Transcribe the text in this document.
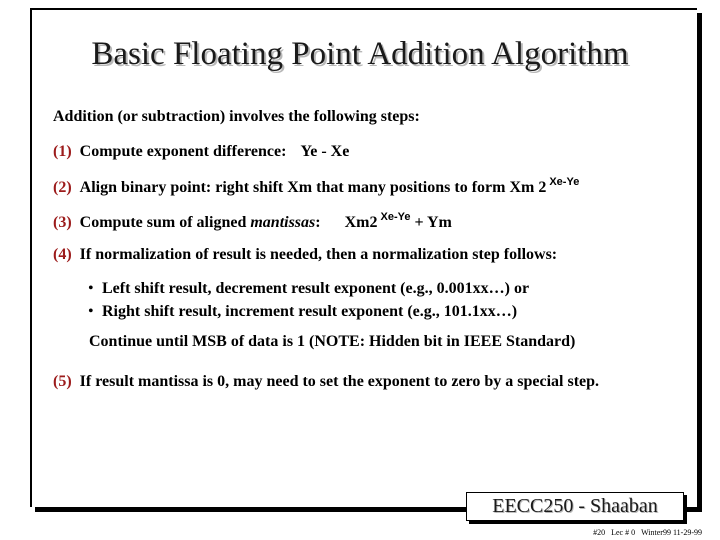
Basic Floating Point Addition Algorithm
Addition (or subtraction) involves the following steps:
(1) Compute exponent difference: Ye - Xe
(2) Align binary point: right shift Xm that many positions to form Xm 2 $^{Xe-Ye}$
(3) Compute sum of aligned mantissas: Xm2 $^{Xe-Ye}$ + Ym
(4) If normalization of result is needed, then a normalization step follows:
• Left shift result, decrement result exponent (e.g., 0.001xx…) or
• Right shift result, increment result exponent (e.g., 101.1xx…)
Continue until MSB of data is 1 (NOTE: Hidden bit in IEEE Standard)
(5) If result mantissa is 0, may need to set the exponent to zero by a special step.
EECC250 - Shaaban
#20 Lec # 0 Winter99 11-29-99
